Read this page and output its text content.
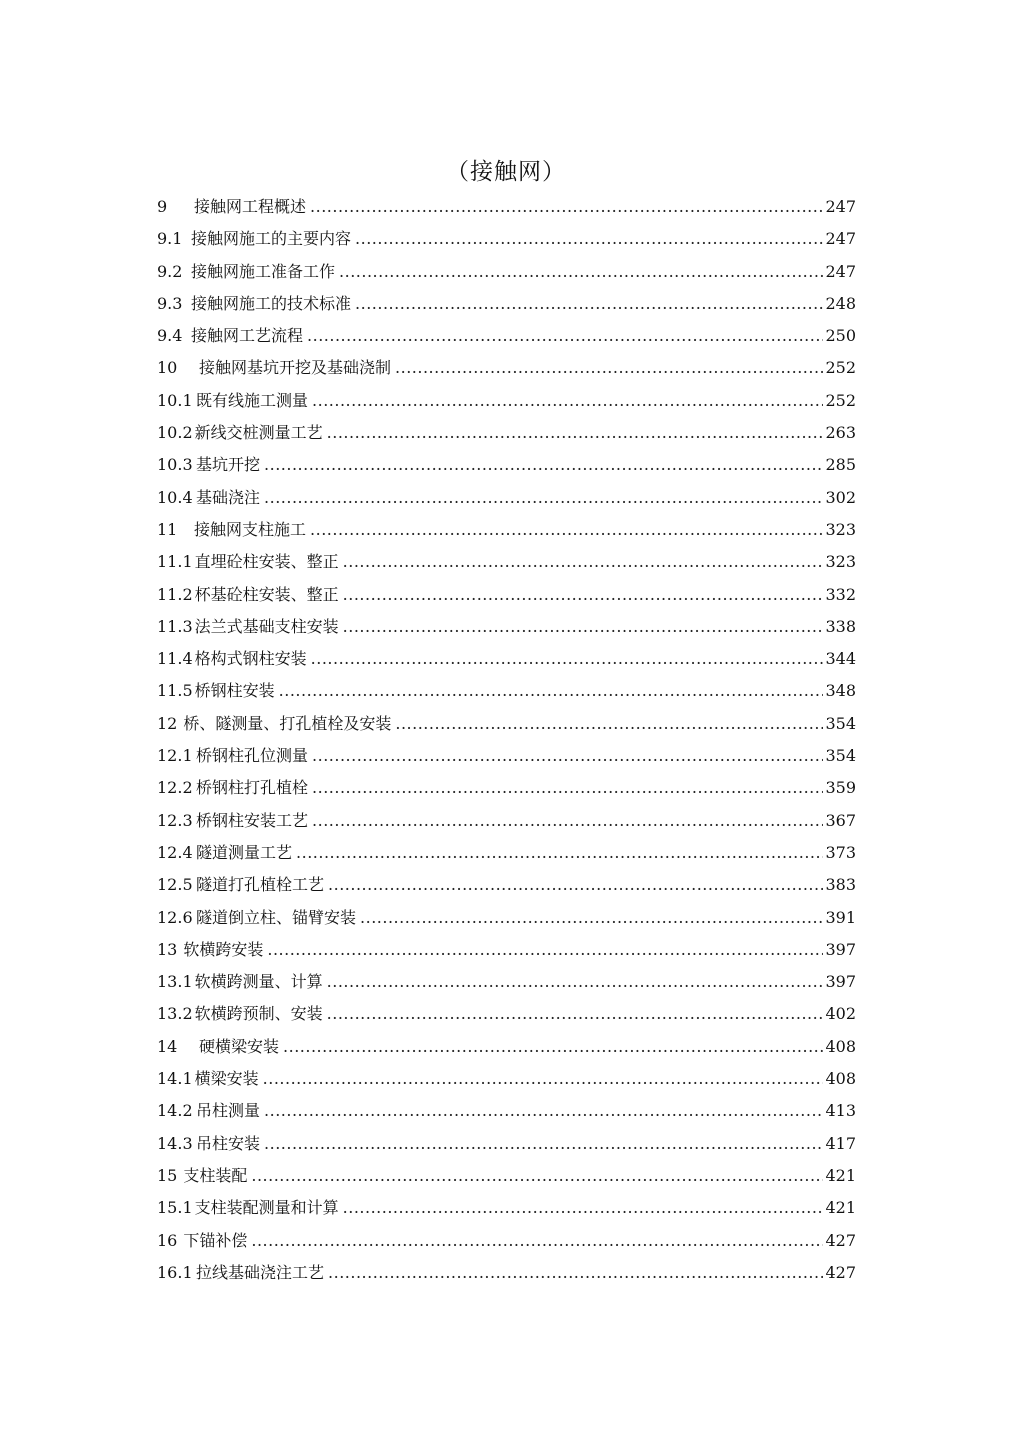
（接触网）
9	接触网工程概述 .....	247
9.1 接触网施工的主要内容 .....	247
9.2 接触网施工准备工作 .....	247
9.3 接触网施工的技术标准 .....	248
9.4 接触网工艺流程 .....	250
10	接触网基坑开挖及基础浇制 .....	252
10.1 既有线施工测量 .....	252
10.2 新线交桩测量工艺 .....	263
10.3 基坑开挖 .....	285
10.4 基础浇注 .....	302
11	接触网支柱施工 .....	323
11.1 直埋砼柱安装、整正 .....	323
11.2 杯基砼柱安装、整正 .....	332
11.3 法兰式基础支柱安装 .....	338
11.4 格构式钢柱安装 .....	344
11.5 桥钢柱安装 .....	348
12 桥、隧测量、打孔植栓及安装 .....	354
12.1 桥钢柱孔位测量 .....	354
12.2 桥钢柱打孔植栓 .....	359
12.3 桥钢柱安装工艺 .....	367
12.4 隧道测量工艺 .....	373
12.5 隧道打孔植栓工艺 .....	383
12.6 隧道倒立柱、锚臂安装 .....	391
13 软横跨安装 .....	397
13.1 软横跨测量、计算 .....	397
13.2 软横跨预制、安装 .....	402
14	硬横梁安装 .....	408
14.1 横梁安装 .....	408
14.2 吊柱测量 .....	413
14.3 吊柱安装 .....	417
15 支柱装配 .....	421
15.1 支柱装配测量和计算 .....	421
16 下锚补偿 .....	427
16.1 拉线基础浇注工艺 .....	427
